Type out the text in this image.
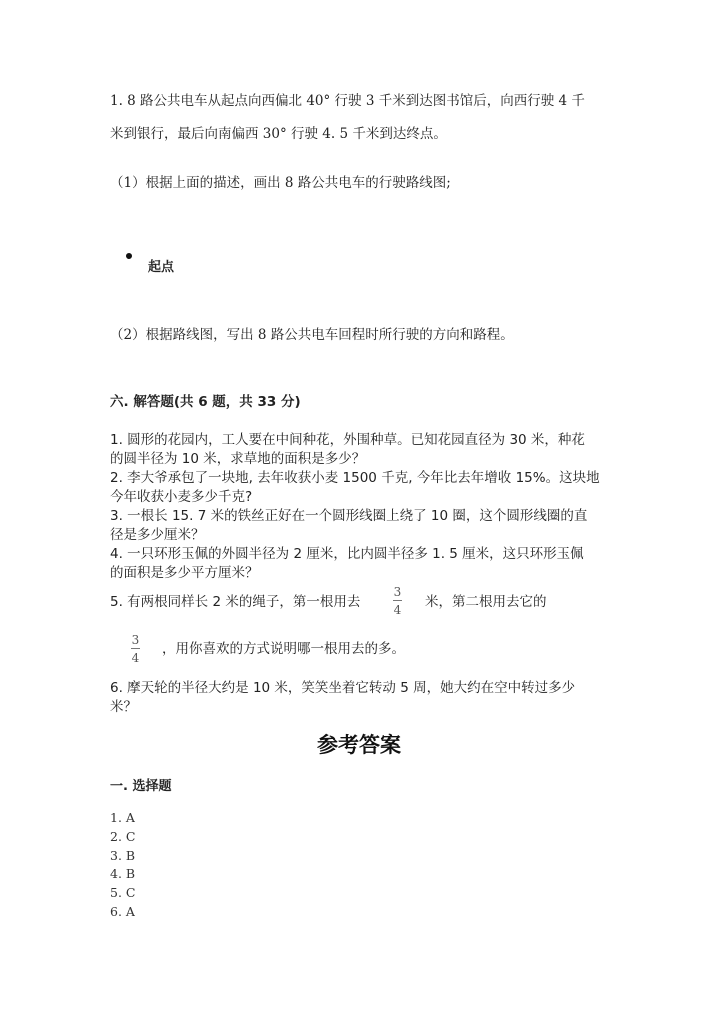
1. 8 路公共电车从起点向西偏北 40° 行驶 3 千米到达图书馆后，向西行驶 4 千
米到银行，最后向南偏西 30° 行驶 4. 5 千米到达终点。
（1）根据上面的描述，画出 8 路公共电车的行驶路线图;
起点
（2）根据路线图，写出 8 路公共电车回程时所行驶的方向和路程。
六. 解答题(共 6 题，共 33 分)
1. 圆形的花园内，工人要在中间种花，外围种草。已知花园直径为 30 米，种花
的圆半径为 10 米，求草地的面积是多少？
2. 李大爷承包了一块地, 去年收获小麦 1500 千克, 今年比去年增收 15%。这块地
今年收获小麦多少千克?
3. 一根长 15. 7 米的铁丝正好在一个圆形线圈上绕了 10 圈，这个圆形线圈的直
径是多少厘米？
4. 一只环形玉佩的外圆半径为 2 厘米，比内圆半径多 1. 5 厘米，这只环形玉佩
的面积是多少平方厘米？
5. 有两根同样长 2 米的绳子，第一根用去
3
4 米，第二根用去它的
3
4
，用你喜欢的方式说明哪一根用去的多。
6. 摩天轮的半径大约是 10 米，笑笑坐着它转动 5 周，她大约在空中转过多少
米？
参考答案
一. 选择题
1. A
2. C
3. B
4. B
5. C
6. A
